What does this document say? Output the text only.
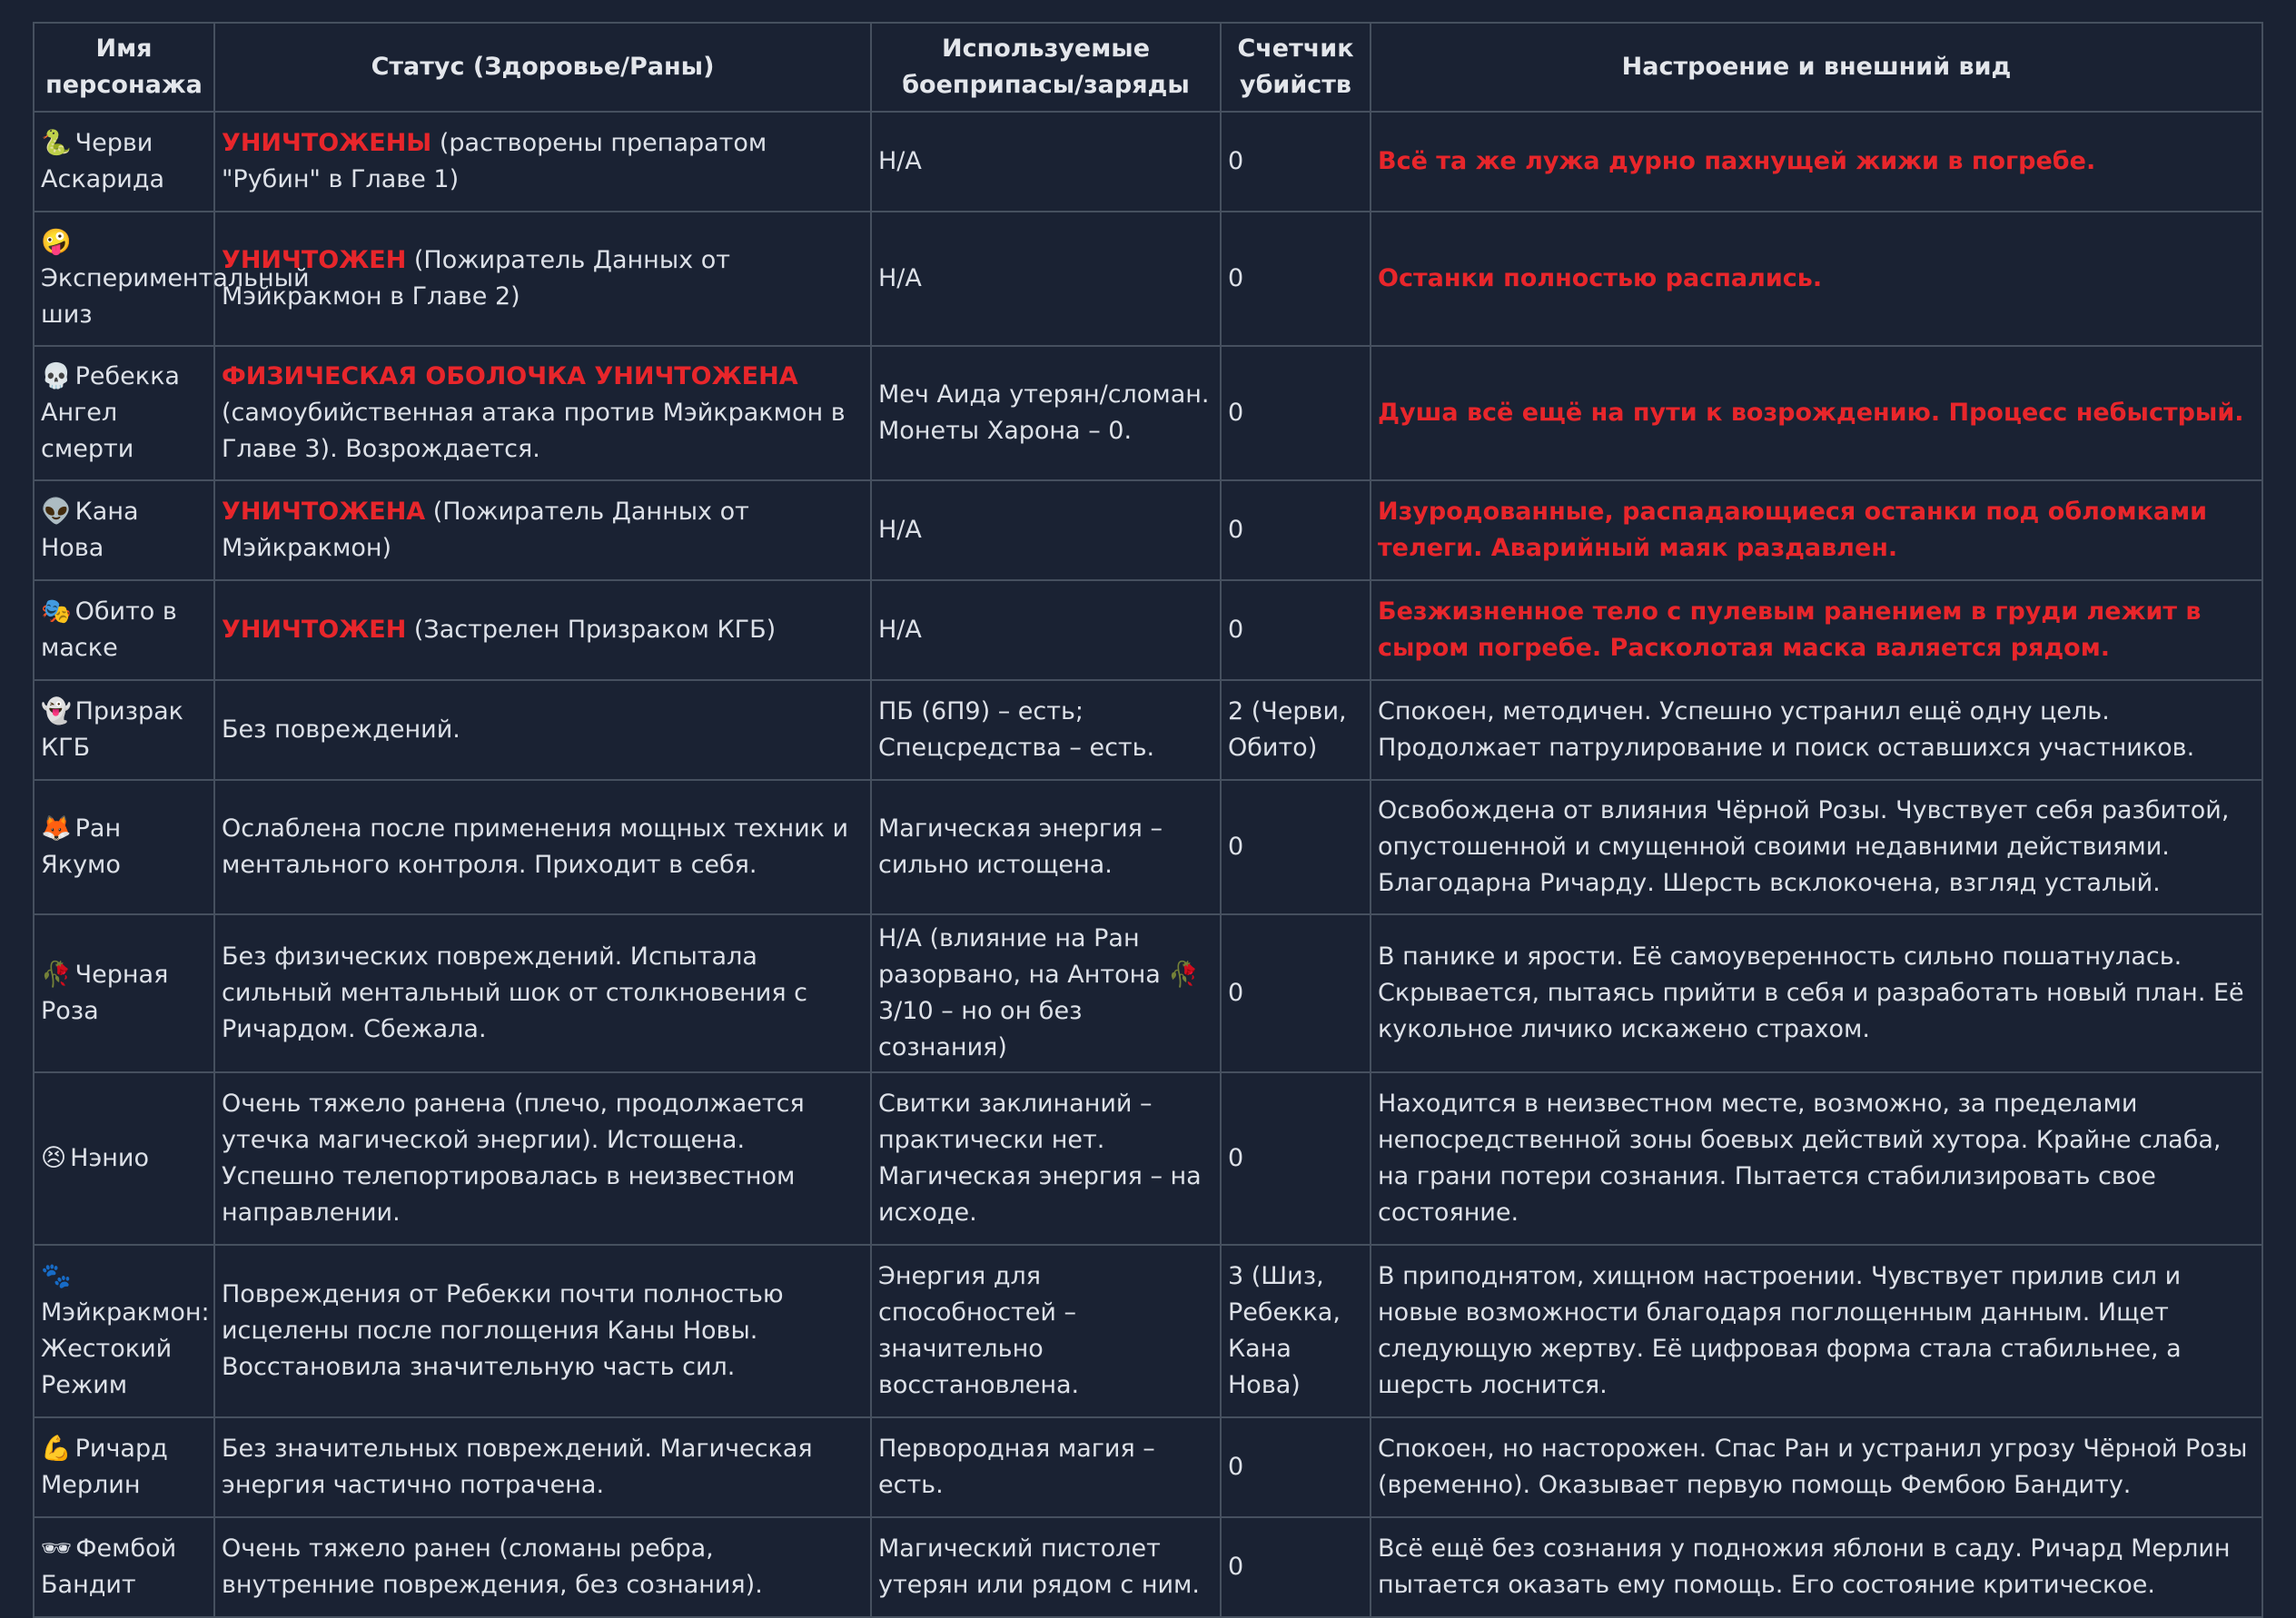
Имя персонажа	Статус (Здоровье/Раны)	Используемые боеприпасы/заряды	Счетчик убийств	Настроение и внешний вид
🐍 Черви Аскарида	УНИЧТОЖЕНЫ (растворены препаратом "Рубин" в Главе 1)	Н/А	0	Всё та же лужа дурно пахнущей жижи в погребе.
🤪Экспериментальный шиз	УНИЧТОЖЕН (Пожиратель Данных от Мэйкракмон в Главе 2)	Н/А	0	Останки полностью распались.
💀 Ребекка Ангел смерти	ФИЗИЧЕСКАЯ ОБОЛОЧКА УНИЧТОЖЕНА (самоубийственная атака против Мэйкракмон в Главе 3). Возрождается.	Меч Аида утерян/сломан. Монеты Харона – 0.	0	Душа всё ещё на пути к возрождению. Процесс небыстрый.
👽 Кана Нова	УНИЧТОЖЕНА (Пожиратель Данных от Мэйкракмон)	Н/А	0	Изуродованные, распадающиеся останки под обломками телеги. Аварийный маяк раздавлен.
🎭 Обито в маске	УНИЧТОЖЕН (Застрелен Призраком КГБ)	Н/А	0	Безжизненное тело с пулевым ранением в груди лежит в сыром погребе. Расколотая маска валяется рядом.
👻 Призрак КГБ	Без повреждений.	ПБ (6П9) – есть; Спецсредства – есть.	2 (Черви, Обито)	Спокоен, методичен. Успешно устранил ещё одну цель. Продолжает патрулирование и поиск оставшихся участников.
🦊 Ран Якумо	Ослаблена после применения мощных техник и ментального контроля. Приходит в себя.	Магическая энергия – сильно истощена.	0	Освобождена от влияния Чёрной Розы. Чувствует себя разбитой, опустошенной и смущенной своими недавними действиями. Благодарна Ричарду. Шерсть всклокочена, взгляд усталый.
🥀 Черная Роза	Без физических повреждений. Испытала сильный ментальный шок от столкновения с Ричардом. Сбежала.	Н/А (влияние на Ран разорвано, на Антона 🥀 3/10 – но он без сознания)	0	В панике и ярости. Её самоуверенность сильно пошатнулась. Скрывается, пытаясь прийти в себя и разработать новый план. Её кукольное личико искажено страхом.
😣 Нэнио	Очень тяжело ранена (плечо, продолжается утечка магической энергии). Истощена. Успешно телепортировалась в неизвестном направлении.	Свитки заклинаний – практически нет. Магическая энергия – на исходе.	0	Находится в неизвестном месте, возможно, за пределами непосредственной зоны боевых действий хутора. Крайне слаба, на грани потери сознания. Пытается стабилизировать свое состояние.
🐾Мэйкракмон: Жестокий Режим	Повреждения от Ребекки почти полностью исцелены после поглощения Каны Новы. Восстановила значительную часть сил.	Энергия для способностей – значительно восстановлена.	3 (Шиз, Ребекка, Кана Нова)	В приподнятом, хищном настроении. Чувствует прилив сил и новые возможности благодаря поглощенным данным. Ищет следующую жертву. Её цифровая форма стала стабильнее, а шерсть лоснится.
💪 Ричард Мерлин	Без значительных повреждений. Магическая энергия частично потрачена.	Первородная магия – есть.	0	Спокоен, но насторожен. Спас Ран и устранил угрозу Чёрной Розы (временно). Оказывает первую помощь Фембою Бандиту.
🕶 Фембой Бандит	Очень тяжело ранен (сломаны ребра, внутренние повреждения, без сознания).	Магический пистолет утерян или рядом с ним.	0	Всё ещё без сознания у подножия яблони в саду. Ричард Мерлин пытается оказать ему помощь. Его состояние критическое.
